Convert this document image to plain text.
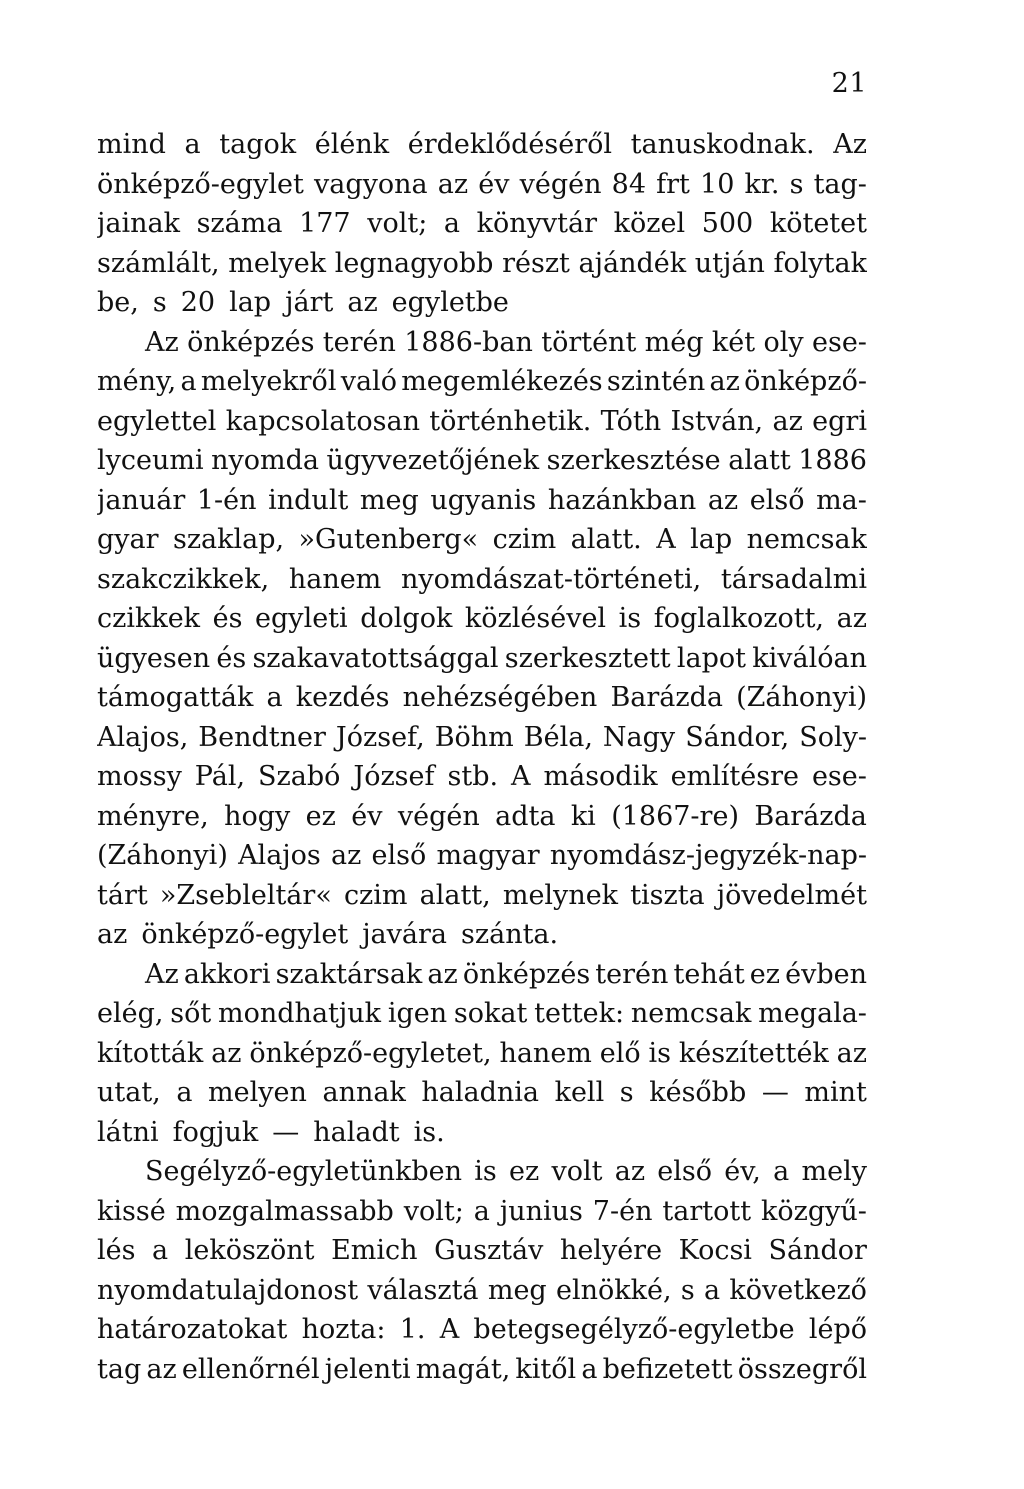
21
mind a tagok élénk érdeklődéséről tanuskodnak. Az
önképző-egylet vagyona az év végén 84 frt 10 kr. s tag-
jainak száma 177 volt; a könyvtár közel 500 kötetet
számlált, melyek legnagyobb részt ajándék utján folytak
be, s 20 lap járt az egyletbe
Az önképzés terén 1886-ban történt még két oly ese-
mény, a melyekről való megemlékezés szintén az önképző-
egylettel kapcsolatosan történhetik. Tóth István, az egri
lyceumi nyomda ügyvezetőjének szerkesztése alatt 1886
január 1-én indult meg ugyanis hazánkban az első ma-
gyar szaklap, »Gutenberg« czim alatt. A lap nemcsak
szakczikkek, hanem nyomdászat-történeti, társadalmi
czikkek és egyleti dolgok közlésével is foglalkozott, az
ügyesen és szakavatottsággal szerkesztett lapot kiválóan
támogatták a kezdés nehézségében Barázda (Záhonyi)
Alajos, Bendtner József, Böhm Béla, Nagy Sándor, Soly-
mossy Pál, Szabó József stb. A második említésre ese-
ményre, hogy ez év végén adta ki (1867-re) Barázda
(Záhonyi) Alajos az első magyar nyomdász-jegyzék-nap-
tárt »Zsebleltár« czim alatt, melynek tiszta jövedelmét
az önképző-egylet javára szánta.
Az akkori szaktársak az önképzés terén tehát ez évben
elég, sőt mondhatjuk igen sokat tettek: nemcsak megala-
kították az önképző-egyletet, hanem elő is készítették az
utat, a melyen annak haladnia kell s később — mint
látni fogjuk — haladt is.
Segélyző-egyletünkben is ez volt az első év, a mely
kissé mozgalmassabb volt; a junius 7-én tartott közgyű-
lés a leköszönt Emich Gusztáv helyére Kocsi Sándor
nyomdatulajdonost választá meg elnökké, s a következő
határozatokat hozta: 1. A betegsegélyző-egyletbe lépő
tag az ellenőrnél jelenti magát, kitől a befizetett összegről
